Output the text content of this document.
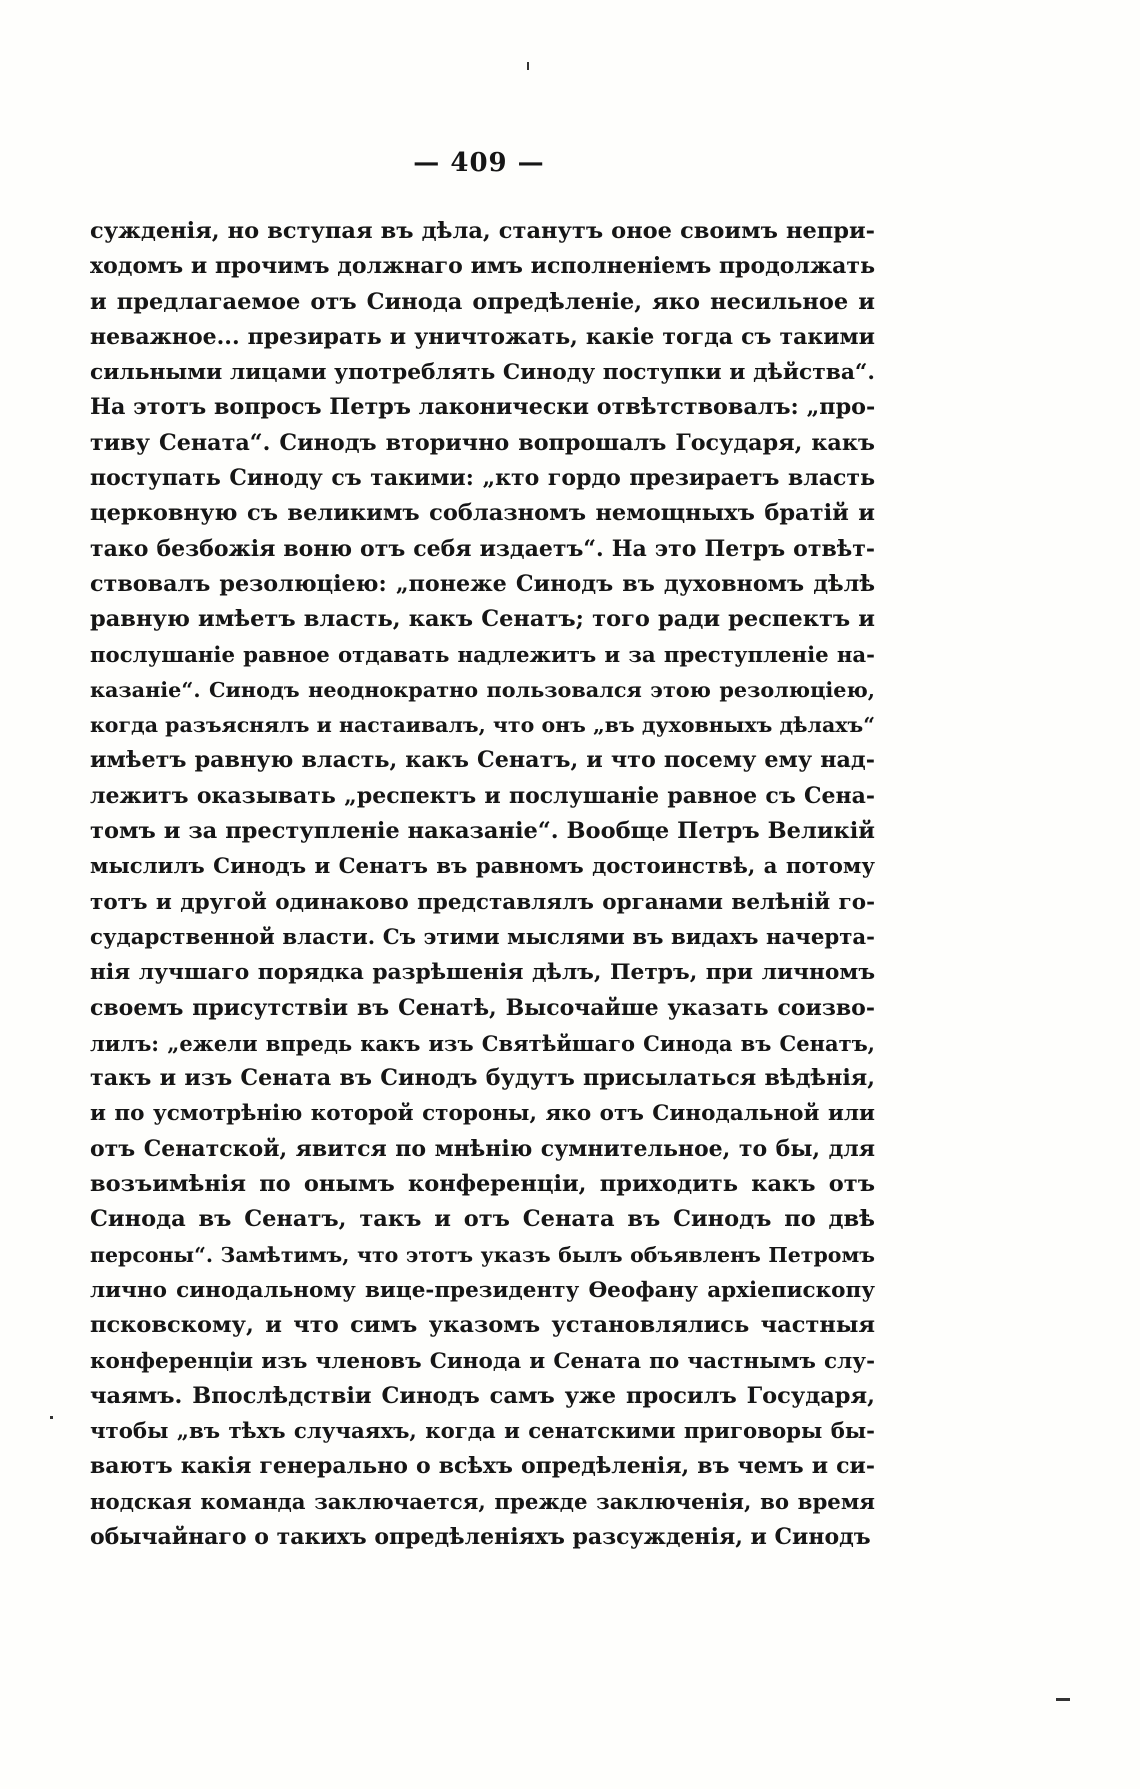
— 409 —
сужденія, но вступая въ дѣла, станутъ оное своимъ непри-
ходомъ и прочимъ должнаго имъ исполненіемъ продолжать
и предлагаемое отъ Синода опредѣленіе, яко несильное и
неважное... презирать и уничтожать, какіе тогда съ такими
сильными лицами употреблять Синоду поступки и дѣйства“.
На этотъ вопросъ Петръ лаконически отвѣтствовалъ: „про-
тиву Сената“. Синодъ вторично вопрошалъ Государя, какъ
поступать Синоду съ такими: „кто гордо презираетъ власть
церковную съ великимъ соблазномъ немощныхъ братій и
тако безбожія воню отъ себя издаетъ“. На это Петръ отвѣт-
ствовалъ резолюціею: „понеже Синодъ въ духовномъ дѣлѣ
равную имѣетъ власть, какъ Сенатъ; того ради респектъ и
послушаніе равное отдавать надлежитъ и за преступленіе на-
казаніе“. Синодъ неоднократно пользовался этою резолюціею,
когда разъяснялъ и настаивалъ, что онъ „въ духовныхъ дѣлахъ“
имѣетъ равную власть, какъ Сенатъ, и что посему ему над-
лежитъ оказывать „респектъ и послушаніе равное съ Сена-
томъ и за преступленіе наказаніе“. Вообще Петръ Великій
мыслилъ Синодъ и Сенатъ въ равномъ достоинствѣ, а потому
тотъ и другой одинаково представлялъ органами велѣній го-
сударственной власти. Съ этими мыслями въ видахъ начерта-
нія лучшаго порядка разрѣшенія дѣлъ, Петръ, при личномъ
своемъ присутствіи въ Сенатѣ, Высочайше указать соизво-
лилъ: „ежели впредь какъ изъ Святѣйшаго Синода въ Сенатъ,
такъ и изъ Сената въ Синодъ будутъ присылаться вѣдѣнія,
и по усмотрѣнію которой стороны, яко отъ Синодальной или
отъ Сенатской, явится по мнѣнію сумнительное, то бы, для
возъимѣнія по онымъ конференціи, приходить какъ отъ
Синода въ Сенатъ, такъ и отъ Сената въ Синодъ по двѣ
персоны“. Замѣтимъ, что этотъ указъ былъ объявленъ Петромъ
лично синодальному вице-президенту Ѳеофану архіепископу
псковскому, и что симъ указомъ установлялись частныя
конференціи изъ членовъ Синода и Сената по частнымъ слу-
чаямъ. Впослѣдствіи Синодъ самъ уже просилъ Государя,
чтобы „въ тѣхъ случаяхъ, когда и сенатскими приговоры бы-
ваютъ какія генерально о всѣхъ опредѣленія, въ чемъ и си-
нодская команда заключается, прежде заключенія, во время
обычайнаго о такихъ опредѣленіяхъ разсужденія, и Синодъ
